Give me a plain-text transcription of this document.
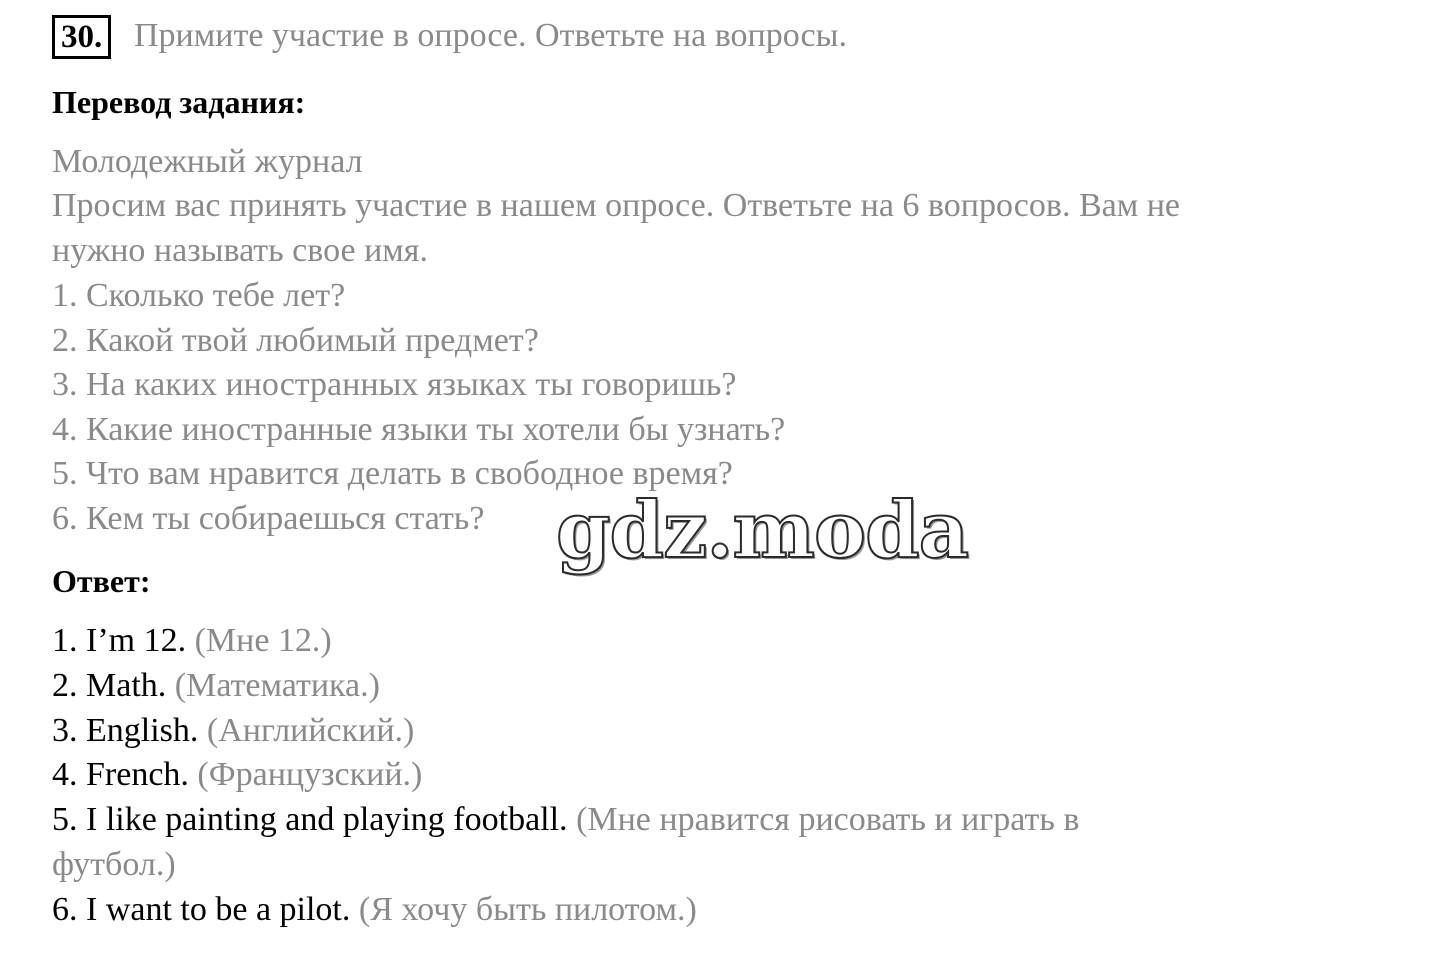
30. Примите участие в опросе. Ответьте на вопросы.
Перевод задания:
Молодежный журнал
Просим вас принять участие в нашем опросе. Ответьте на 6 вопросов. Вам не
нужно называть свое имя.
1. Сколько тебе лет?
2. Какой твой любимый предмет?
3. На каких иностранных языках ты говоришь?
4. Какие иностранные языки ты хотели бы узнать?
5. Что вам нравится делать в свободное время?
6. Кем ты собираешься стать?
Ответ:
1. I’m 12. (Мне 12.)
2. Math. (Математика.)
3. English. (Английский.)
4. French. (Французский.)
5. I like painting and playing football. (Мне нравится рисовать и играть в
футбол.)
6. I want to be a pilot. (Я хочу быть пилотом.)
gdz.moda
